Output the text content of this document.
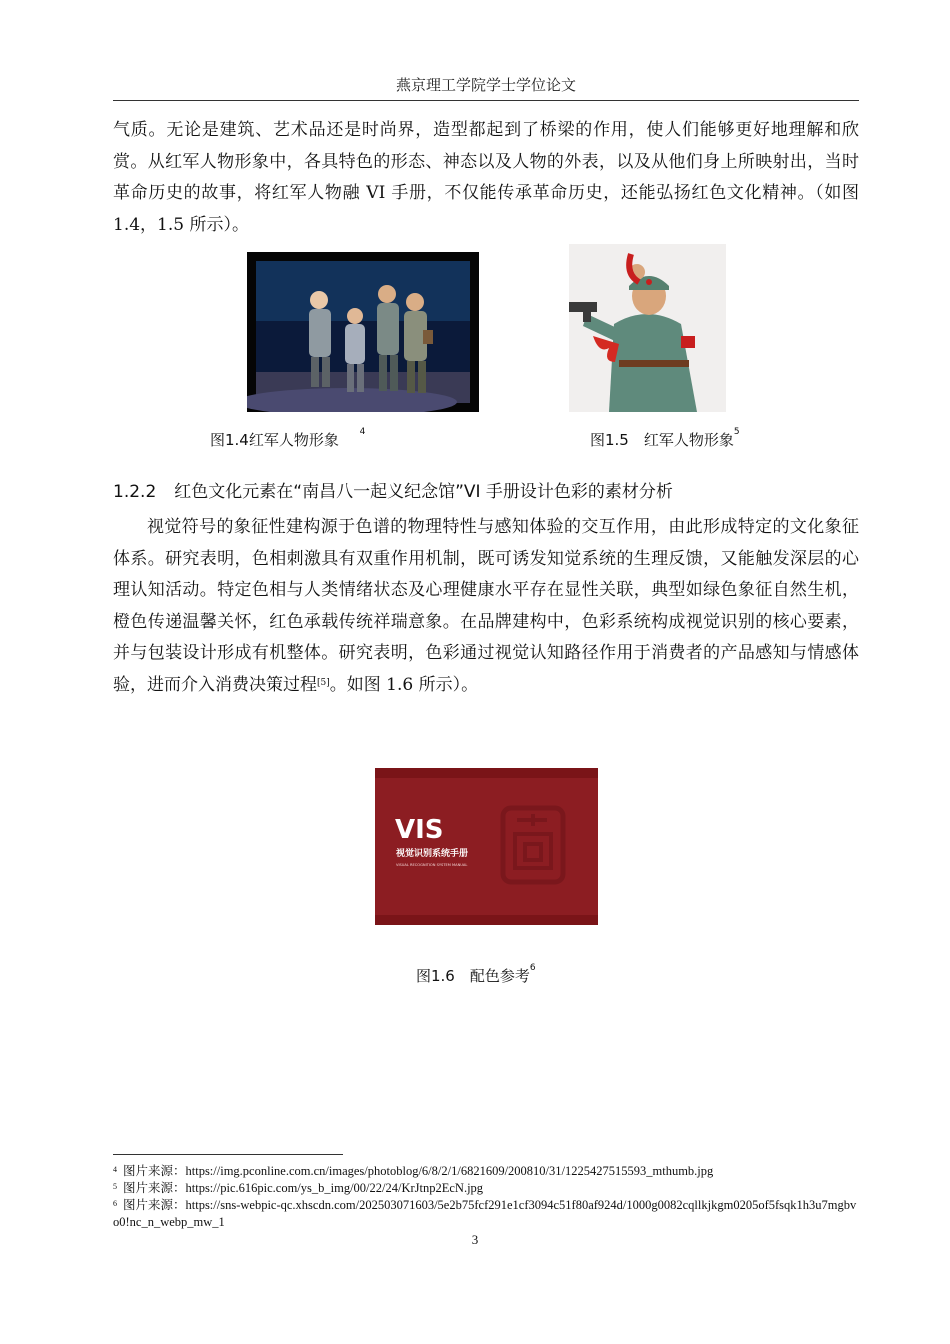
燕京理工学院学士学位论文

气质。无论是建筑、艺术品还是时尚界，造型都起到了桥梁的作用，使人们能够更好地理解和欣赏。从红军人物形象中，各具特色的形态、神态以及人物的外表，以及从他们身上所映射出，当时革命历史的故事，将红军人物融 VI 手册，不仅能传承革命历史，还能弘扬红色文化精神。（如图 1.4，1.5 所示）。

图1.4红军人物形象 $^4$	图1.5　红军人物形象$^5$
1.2.2 红色文化元素在“南昌八一起义纪念馆”VI 手册设计色彩的素材分析

视觉符号的象征性建构源于色谱的物理特性与感知体验的交互作用，由此形成特定的文化象征体系。研究表明，色相刺激具有双重作用机制，既可诱发知觉系统的生理反馈，又能触发深层的心理认知活动。特定色相与人类情绪状态及心理健康水平存在显性关联，典型如绿色象征自然生机，橙色传递温馨关怀，红色承载传统祥瑞意象。在品牌建构中，色彩系统构成视觉识别的核心要素，并与包装设计形成有机整体。研究表明，色彩通过视觉认知路径作用于消费者的产品感知与情感体验，进而介入消费决策过程[5]。如图 1.6 所示）。

VIS
视觉识别系统手册
VISUAL RECOGNITION SYSTEM MANUAL
图1.6　配色参考$^6$

$^4$ 图片来源：https://img.pconline.com.cn/images/photoblog/6/8/2/1/6821609/200810/31/1225427515593_mthumb.jpg

$^5$ 图片来源：https://pic.616pic.com/ys_b_img/00/22/24/KrJtnp2EcN.jpg

$^6$ 图片来源：https://sns-webpic-qc.xhscdn.com/202503071603/5e2b75fcf291e1cf3094c51f80af924d/1000g0082cqllkjkgm0205of5fsqk1h3u7mgbvo0!nc_n_webp_mw_1

3
